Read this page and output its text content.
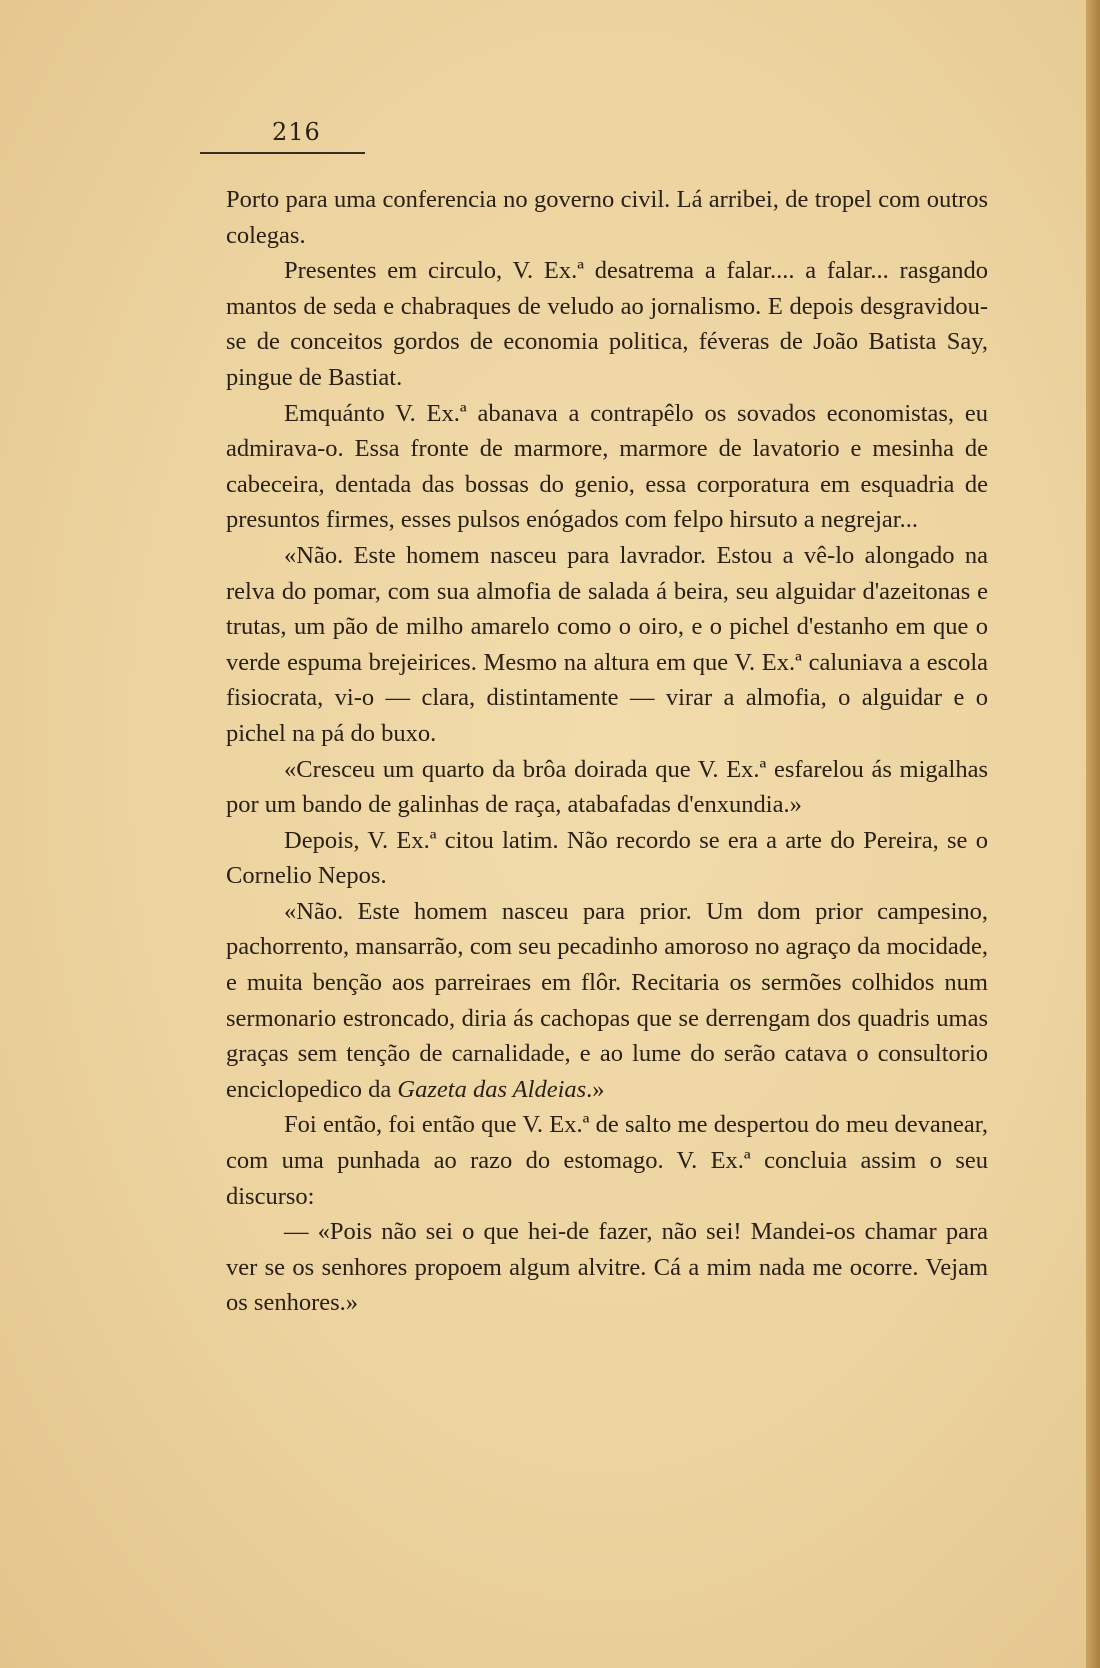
216

Porto para uma conferencia no governo civil. Lá arribei, de tropel com outros colegas.

Presentes em circulo, V. Ex.ª desatrema a falar.... a falar... rasgando mantos de seda e chabraques de veludo ao jornalismo. E depois desgravidou-se de conceitos gordos de economia politica, féveras de João Batista Say, pingue de Bastiat.

Emquánto V. Ex.ª abanava a contrapêlo os sovados economistas, eu admirava-o. Essa fronte de marmore, marmore de lavatorio e mesinha de cabeceira, dentada das bossas do genio, essa corporatura em esquadria de presuntos firmes, esses pulsos enógados com felpo hirsuto a negrejar...

«Não. Este homem nasceu para lavrador. Estou a vê-lo alongado na relva do pomar, com sua almofia de salada á beira, seu alguidar d'azeitonas e trutas, um pão de milho amarelo como o oiro, e o pichel d'estanho em que o verde espuma brejeirices. Mesmo na altura em que V. Ex.ª caluniava a escola fisiocrata, vi-o — clara, distintamente — virar a almofia, o alguidar e o pichel na pá do buxo.

«Cresceu um quarto da brôa doirada que V. Ex.ª esfarelou ás migalhas por um bando de galinhas de raça, atabafadas d'enxundia.»

Depois, V. Ex.ª citou latim. Não recordo se era a arte do Pereira, se o Cornelio Nepos.

«Não. Este homem nasceu para prior. Um dom prior campesino, pachorrento, mansarrão, com seu pecadinho amoroso no agraço da mocidade, e muita benção aos parreiraes em flôr. Recitaria os sermões colhidos num sermonario estroncado, diria ás cachopas que se derrengam dos quadris umas graças sem tenção de carnalidade, e ao lume do serão catava o consultorio enciclopedico da Gazeta das Aldeias.»

Foi então, foi então que V. Ex.ª de salto me despertou do meu devanear, com uma punhada ao razo do estomago. V. Ex.ª concluia assim o seu discurso:

— «Pois não sei o que hei-de fazer, não sei! Mandei-os chamar para ver se os senhores propoem algum alvitre. Cá a mim nada me ocorre. Vejam os senhores.»
